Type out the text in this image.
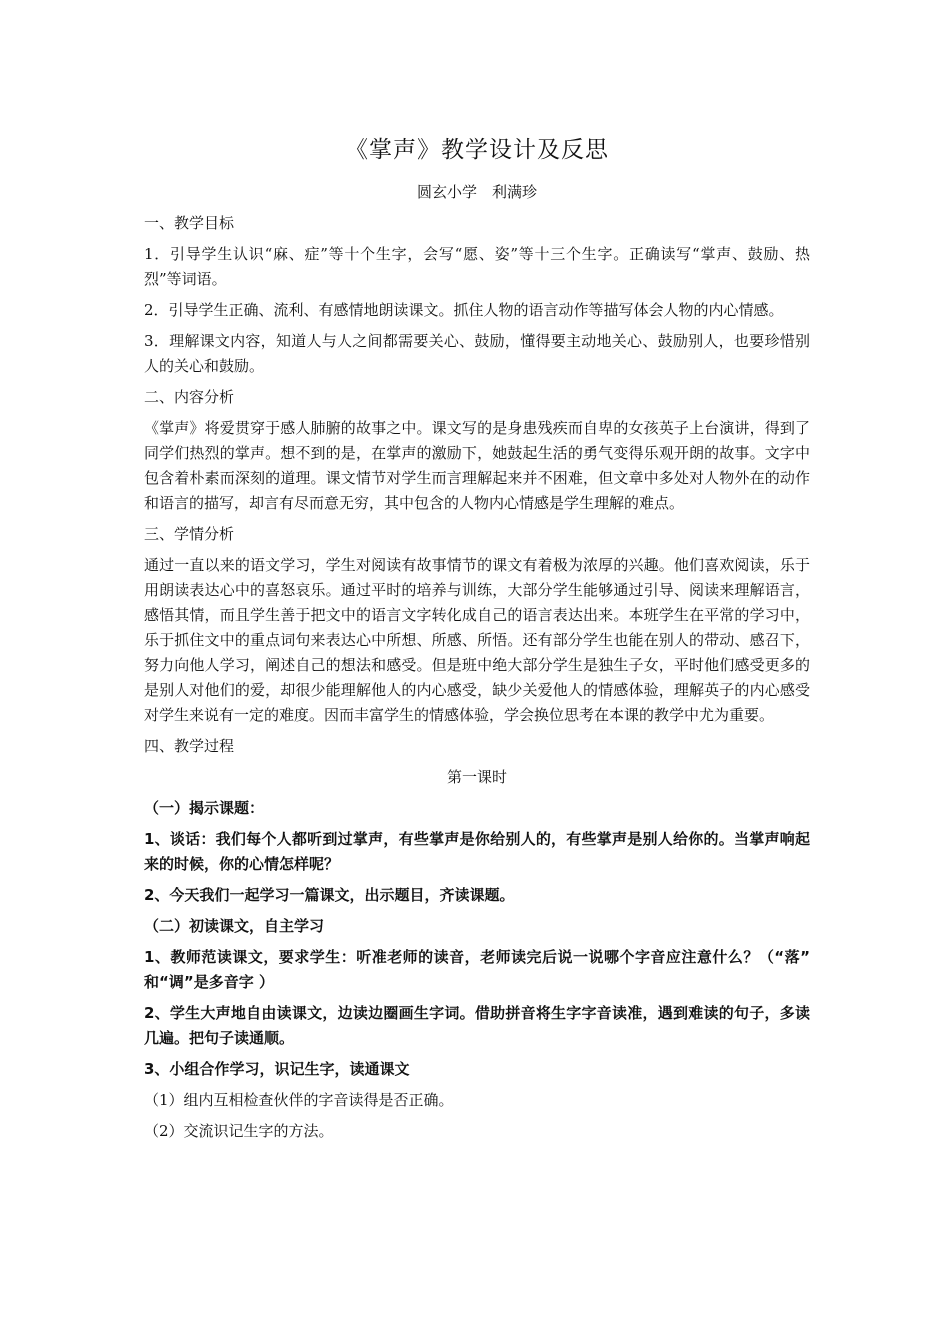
《掌声》教学设计及反思
圆玄小学　利满珍
一、教学目标
1．引导学生认识“麻、症”等十个生字，会写“愿、姿”等十三个生字。正确读写“掌声、鼓励、热烈”等词语。
2．引导学生正确、流利、有感情地朗读课文。抓住人物的语言动作等描写体会人物的内心情感。
3．理解课文内容，知道人与人之间都需要关心、鼓励，懂得要主动地关心、鼓励别人，也要珍惜别人的关心和鼓励。
二、内容分析
《掌声》将爱贯穿于感人肺腑的故事之中。课文写的是身患残疾而自卑的女孩英子上台演讲，得到了同学们热烈的掌声。想不到的是，在掌声的激励下，她鼓起生活的勇气变得乐观开朗的故事。文字中包含着朴素而深刻的道理。课文情节对学生而言理解起来并不困难，但文章中多处对人物外在的动作和语言的描写，却言有尽而意无穷，其中包含的人物内心情感是学生理解的难点。
三、学情分析
通过一直以来的语文学习，学生对阅读有故事情节的课文有着极为浓厚的兴趣。他们喜欢阅读，乐于用朗读表达心中的喜怒哀乐。通过平时的培养与训练，大部分学生能够通过引导、阅读来理解语言，感悟其情，而且学生善于把文中的语言文字转化成自己的语言表达出来。本班学生在平常的学习中，乐于抓住文中的重点词句来表达心中所想、所感、所悟。还有部分学生也能在别人的带动、感召下，努力向他人学习，阐述自己的想法和感受。但是班中绝大部分学生是独生子女，平时他们感受更多的是别人对他们的爱，却很少能理解他人的内心感受，缺少关爱他人的情感体验，理解英子的内心感受对学生来说有一定的难度。因而丰富学生的情感体验，学会换位思考在本课的教学中尤为重要。
四、教学过程
第一课时
（一）揭示课题：
1、谈话：我们每个人都听到过掌声，有些掌声是你给别人的，有些掌声是别人给你的。当掌声响起来的时候，你的心情怎样呢？
2、今天我们一起学习一篇课文，出示题目，齐读课题。
（二）初读课文，自主学习
1、教师范读课文，要求学生：听准老师的读音，老师读完后说一说哪个字音应注意什么？（“落”　和“调”是多音字 ）
2、学生大声地自由读课文，边读边圈画生字词。借助拼音将生字字音读准，遇到难读的句子，多读几遍。把句子读通顺。
3、小组合作学习，识记生字，读通课文
（1）组内互相检查伙伴的字音读得是否正确。
（2）交流识记生字的方法。
